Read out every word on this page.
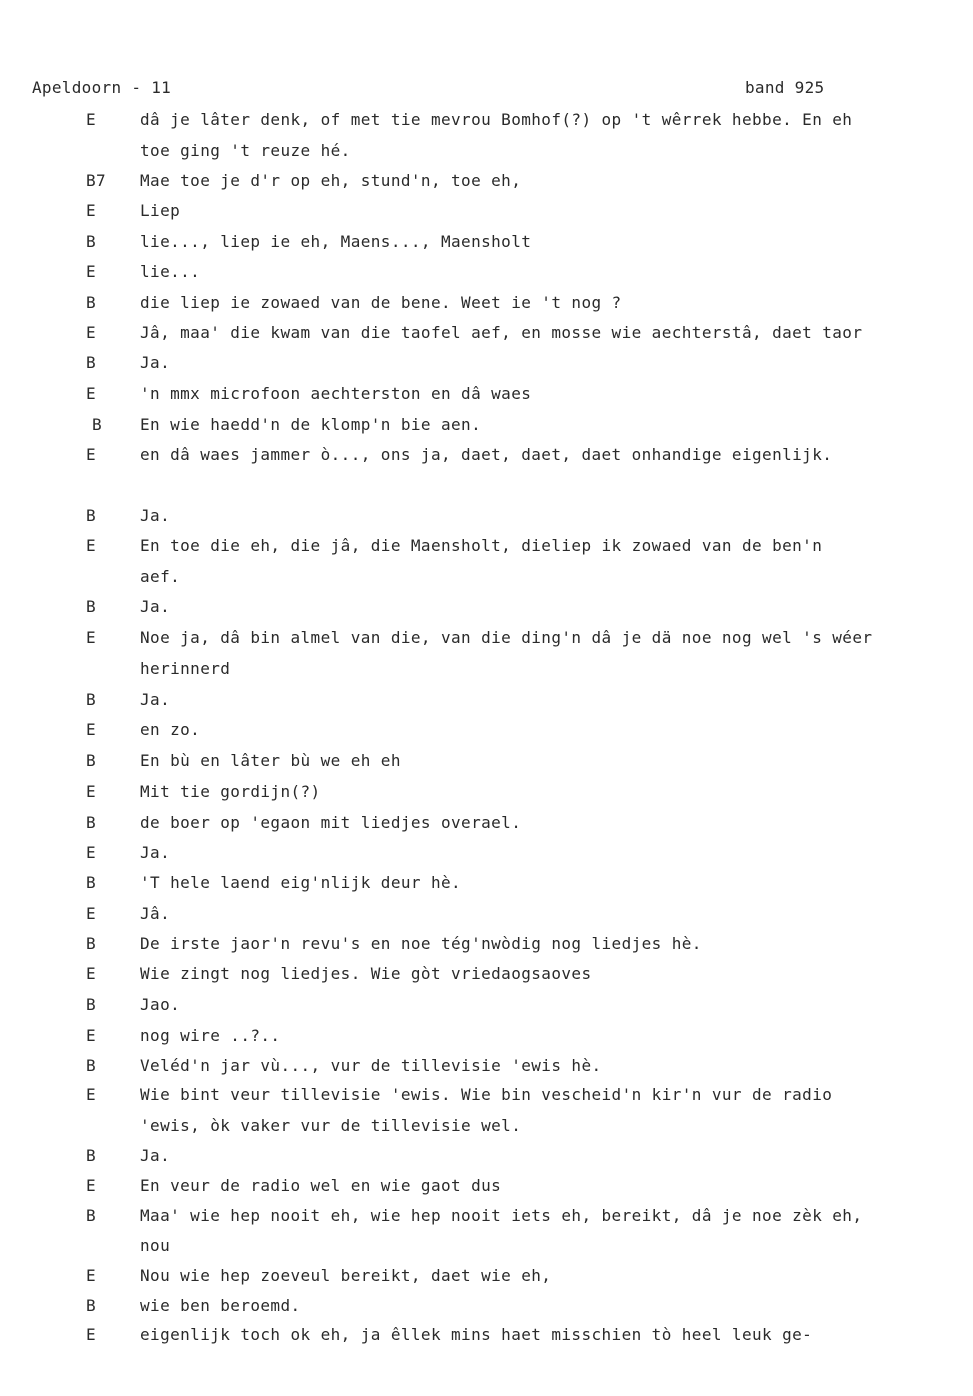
Apeldoorn - 11	band 925
E	dâ je lâter denk, of met tie mevrou Bomhof(?) op 't wêrrek hebbe. En eh
toe ging 't reuze hé.
B7	Mae toe je d'r op eh, stund'n, toe eh,
E	Liep
B	lie..., liep ie eh, Maens..., Maensholt
E	lie...
B	die liep ie zowaed van de bene. Weet ie 't nog ?
E	Jâ, maa' die kwam van die taofel aef, en mosse wie aechterstâ, daet taor
B	Ja.
E	'n mmx microfoon aechterston en dâ waes
B	En wie haedd'n de klomp'n bie aen.
E	en dâ waes jammer ò..., ons ja, daet, daet, daet onhandige eigenlijk.
B	Ja.
E	En toe die eh, die jâ, die Maensholt, dieliep ik zowaed van de ben'n
aef.
B	Ja.
E	Noe ja, dâ bin almel van die, van die ding'n dâ je dä noe nog wel 's wéer
herinnerd
B	Ja.
E	en zo.
B	En bù en lâter bù we eh eh
E	Mit tie gordijn(?)
B	de boer op 'egaon mit liedjes overael.
E	Ja.
B	'T hele laend eig'nlijk deur hè.
E	Jâ.
B	De irste jaor'n revu's en noe tég'nwòdig nog liedjes hè.
E	Wie zingt nog liedjes. Wie gòt vriedaogsaoves
B	Jao.
E	nog wire ..?..
B	Veléd'n jar vù..., vur de tillevisie 'ewis hè.
E	Wie bint veur tillevisie 'ewis. Wie bin vescheid'n kir'n vur de radio
'ewis, òk vaker vur de tillevisie wel.
B	Ja.
E	En veur de radio wel en wie gaot dus
B	Maa' wie hep nooit eh, wie hep nooit iets eh, bereikt, dâ je noe zèk eh,
nou
E	Nou wie hep zoeveul bereikt, daet wie eh,
B	wie ben beroemd.
E	eigenlijk toch ok eh, ja êllek mins haet misschien tò heel leuk ge-
